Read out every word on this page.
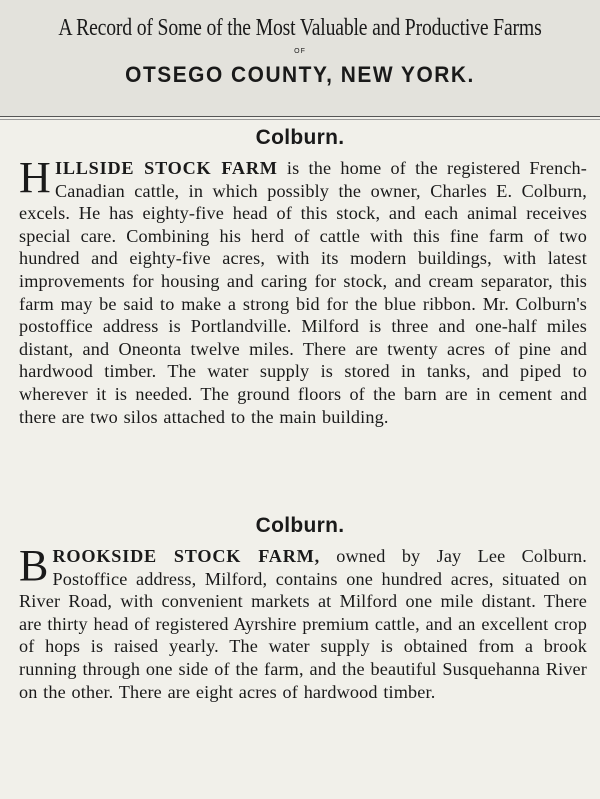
A Record of Some of the Most Valuable and Productive Farms
OF
OTSEGO COUNTY, NEW YORK.
Colburn.
HILLSIDE STOCK FARM is the home of the registered French-Canadian cattle, in which possibly the owner, Charles E. Colburn, excels. He has eighty-five head of this stock, and each animal receives special care. Combining his herd of cattle with this fine farm of two hundred and eighty-five acres, with its modern buildings, with latest improvements for housing and caring for stock, and cream separator, this farm may be said to make a strong bid for the blue ribbon. Mr. Colburn's postoffice address is Portlandville. Milford is three and one-half miles distant, and Oneonta twelve miles. There are twenty acres of pine and hardwood timber. The water supply is stored in tanks, and piped to wherever it is needed. The ground floors of the barn are in cement and there are two silos attached to the main building.
Colburn.
BROOKSIDE STOCK FARM, owned by Jay Lee Colburn. Postoffice address, Milford, contains one hundred acres, situated on River Road, with convenient markets at Milford one mile distant. There are thirty head of registered Ayrshire premium cattle, and an excellent crop of hops is raised yearly. The water supply is obtained from a brook running through one side of the farm, and the beautiful Susquehanna River on the other. There are eight acres of hardwood timber.
